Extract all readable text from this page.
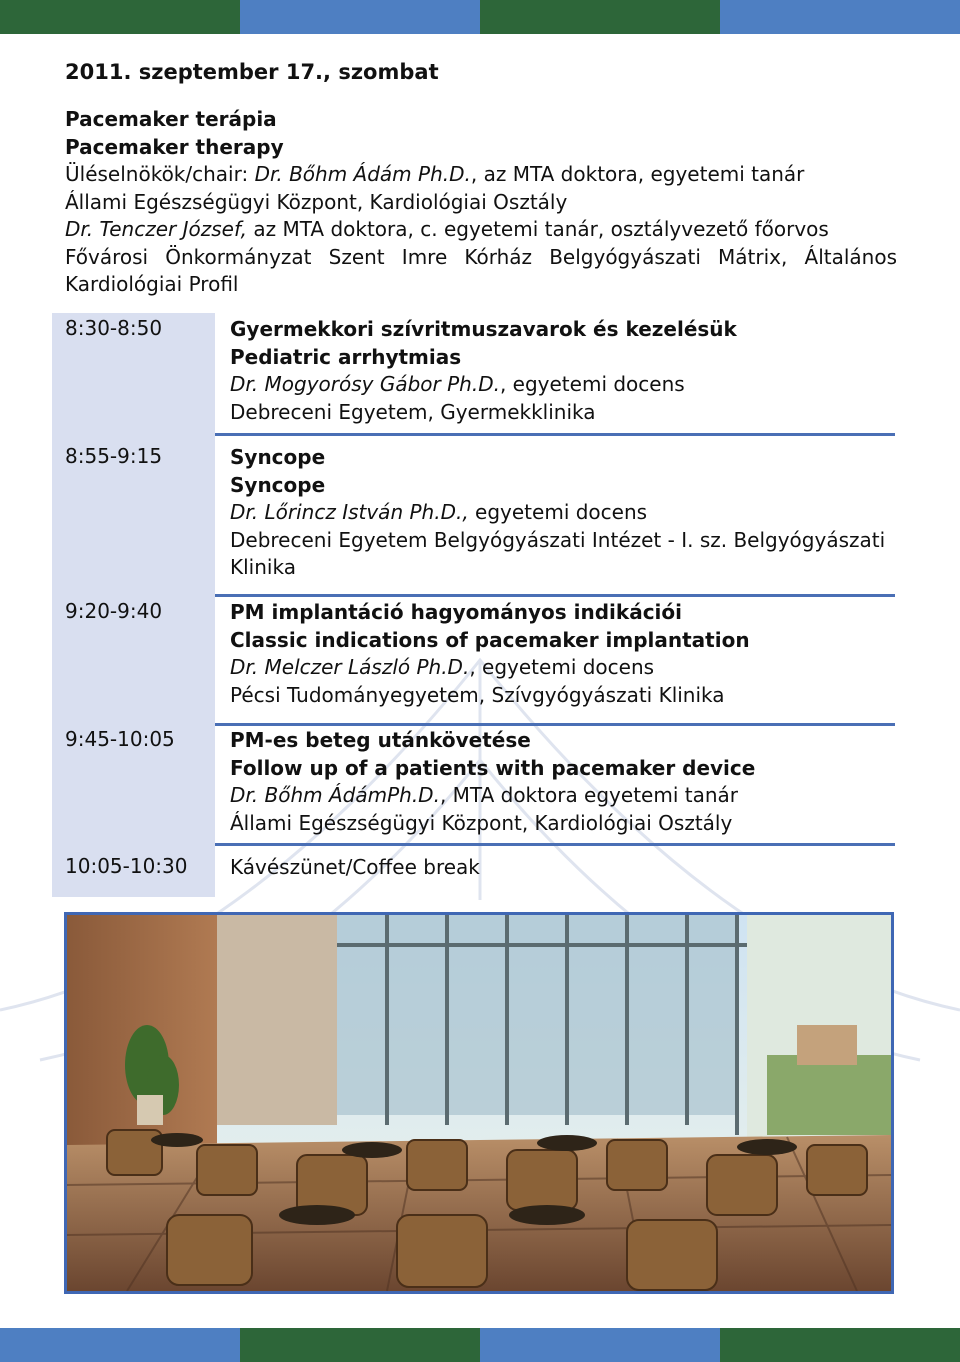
2011. szeptember 17., szombat
Pacemaker terápia
Pacemaker therapy
Üléselnökök/chair: Dr. Bőhm Ádám Ph.D., az MTA doktora, egyetemi tanár
Állami Egészségügyi Központ, Kardiológiai Osztály
Dr. Tenczer József, az MTA doktora, c. egyetemi tanár, osztályvezető főorvos
Fővárosi Önkormányzat Szent Imre Kórház Belgyógyászati Mátrix, Általános
Kardiológiai Profil
8:30-8:50	Gyermekkori szívritmuszavarok és kezelésük
Pediatric arrhytmias
Dr. Mogyorósy Gábor Ph.D., egyetemi docens
Debreceni Egyetem, Gyermekklinika
8:55-9:15	Syncope
Syncope
Dr. Lőrincz István Ph.D., egyetemi docens
Debreceni Egyetem Belgyógyászati Intézet - I. sz. Belgyógyászati
Klinika
9:20-9:40	PM implantáció hagyományos indikációi
Classic indications of pacemaker implantation
Dr. Melczer László Ph.D., egyetemi docens
Pécsi Tudományegyetem, Szívgyógyászati Klinika
9:45-10:05	PM-es beteg utánkövetése
Follow up of a patients with pacemaker device
Dr. Bőhm ÁdámPh.D., MTA doktora egyetemi tanár
Állami Egészségügyi Központ, Kardiológiai Osztály
10:05-10:30 Kávészünet/Coffee break
